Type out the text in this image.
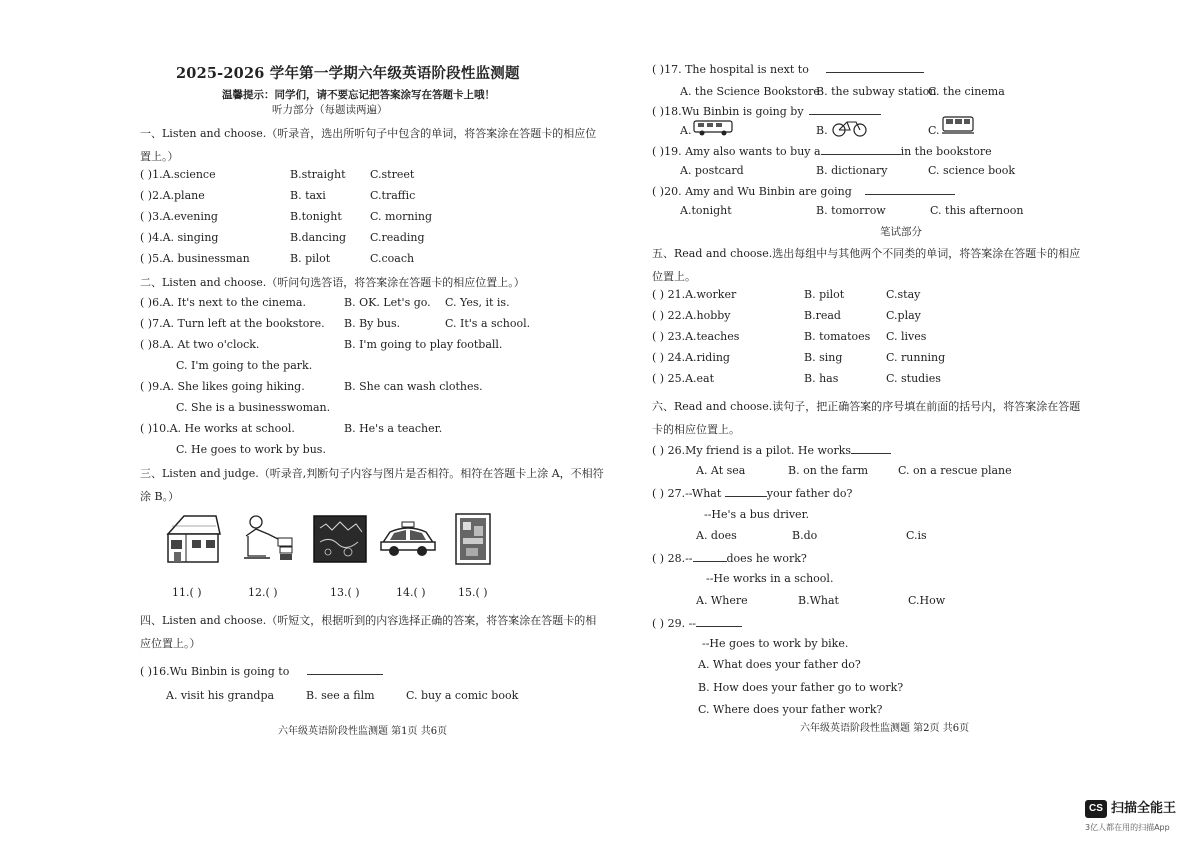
2025-2026 学年第一学期六年级英语阶段性监测题
温馨提示：同学们，请不要忘记把答案涂写在答题卡上哦！
听力部分（每题读两遍）
一、Listen and choose.（听录音，选出所听句子中包含的单词，将答案涂在答题卡的相应位
置上。）
( )1.A.science	B.straight C.street
( )2.A.plane	B. taxi	C.traffic
( )3.A.evening	B.tonight	C. morning
( )4.A. singing	B.dancing C.reading
( )5.A. businessman	B. pilot	C.coach
二、Listen and choose.（听问句选答语，将答案涂在答题卡的相应位置上。）
( )6.A. It's next to the cinema.	B. OK. Let's go. C. Yes, it is.
( )7.A. Turn left at the bookstore. B. By bus.	C. It's a school.
( )8.A. At two o'clock.	B. I'm going to play football.
C. I'm going to the park.
( )9.A. She likes going hiking.	B. She can wash clothes.
C. She is a businesswoman.
( )10.A. He works at school.	B. He's a teacher.
C. He goes to work by bus.
三、Listen and judge.（听录音,判断句子内容与图片是否相符。相符在答题卡上涂 A，不相符
涂 B。）
11.( )	12.( )	13.( )	14.( )	15.( )
四、Listen and choose.（听短文，根据听到的内容选择正确的答案，将答案涂在答题卡的相
应位置上。）
( )16.Wu Binbin is going to
A. visit his grandpa	B. see a film	C. buy a comic book
六年级英语阶段性监测题 第1页 共6页
( )17. The hospital is next to
A. the Science Bookstore
B. the subway station
C. the cinema
( )18.Wu Binbin is going by
A.	B.	C.
( )19. Amy also wants to buy a	in the bookstore
A. postcard	B. dictionary	C. science book
( )20. Amy and Wu Binbin are going
A.tonight	B. tomorrow	C. this afternoon
笔试部分
五、Read and choose.选出每组中与其他两个不同类的单词，将答案涂在答题卡的相应
位置上。
( ) 21.A.worker	B. pilot	C.stay
( ) 22.A.hobby	B.read	C.play
( ) 23.A.teaches	B. tomatoes C. lives
( ) 24.A.riding	B. sing	C. running
( ) 25.A.eat	B. has	C. studies
六、Read and choose.读句子，把正确答案的序号填在前面的括号内，将答案涂在答题
卡的相应位置上。
( ) 26.My friend is a pilot. He works
A. At sea	B. on the farm	C. on a rescue plane
( ) 27.--What	your father do?
--He's a bus driver.
A. does	B.do	C.is
( ) 28.--	does he work?
--He works in a school.
A. Where	B.What	C.How
( ) 29. --
--He goes to work by bike.
A. What does your father do?
B. How does your father go to work?
C. Where does your father work?
六年级英语阶段性监测题 第2页 共6页
CS 扫描全能王
3亿人都在用的扫描App
